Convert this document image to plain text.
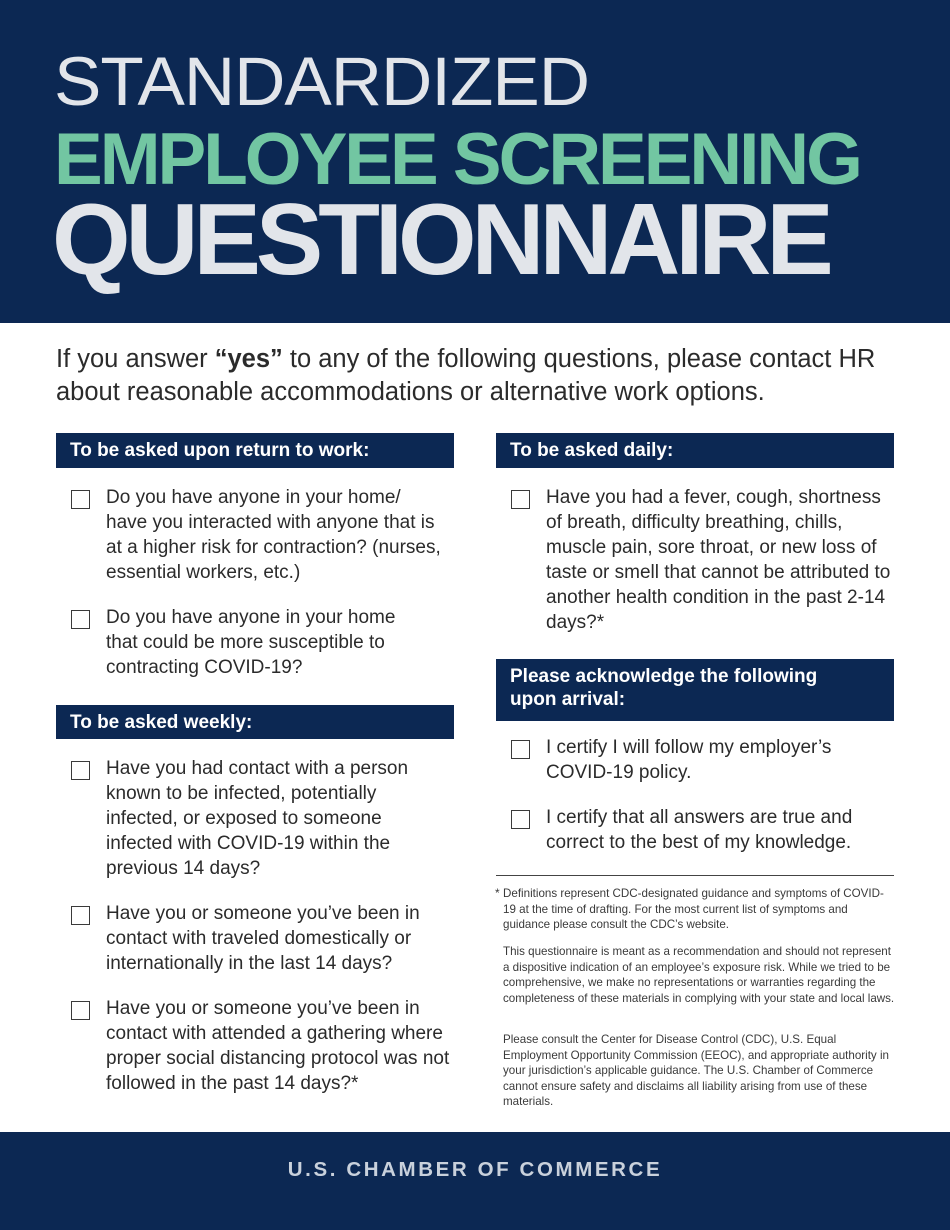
STANDARDIZED
EMPLOYEE SCREENING
QUESTIONNAIRE

If you answer “yes” to any of the following questions, please contact HR about reasonable accommodations or alternative work options.

To be asked upon return to work:

Do you have anyone in your home/ have you interacted with anyone that is at a higher risk for contraction? (nurses, essential workers, etc.)

Do you have anyone in your home that could be more susceptible to contracting COVID-19?

To be asked weekly:

Have you had contact with a person known to be infected, potentially infected, or exposed to someone infected with COVID-19 within the previous 14 days?

Have you or someone you’ve been in contact with traveled domestically or internationally in the last 14 days?

Have you or someone you’ve been in contact with attended a gathering where proper social distancing protocol was not followed in the past 14 days?*

To be asked daily:

Have you had a fever, cough, shortness of breath, difficulty breathing, chills, muscle pain, sore throat, or new loss of taste or smell that cannot be attributed to another health condition in the past 2-14 days?*

Please acknowledge the following upon arrival:

I certify I will follow my employer’s COVID-19 policy.

I certify that all answers are true and correct to the best of my knowledge.

* Definitions represent CDC-designated guidance and symptoms of COVID-19 at the time of drafting. For the most current list of symptoms and guidance please consult the CDC’s website.

This questionnaire is meant as a recommendation and should not represent a dispositive indication of an employee’s exposure risk. While we tried to be comprehensive, we make no representations or warranties regarding the completeness of these materials in complying with your state and local laws.

Please consult the Center for Disease Control (CDC), U.S. Equal Employment Opportunity Commission (EEOC), and appropriate authority in your jurisdiction’s applicable guidance. The U.S. Chamber of Commerce cannot ensure safety and disclaims all liability arising from use of these materials.

U.S. CHAMBER OF COMMERCE
